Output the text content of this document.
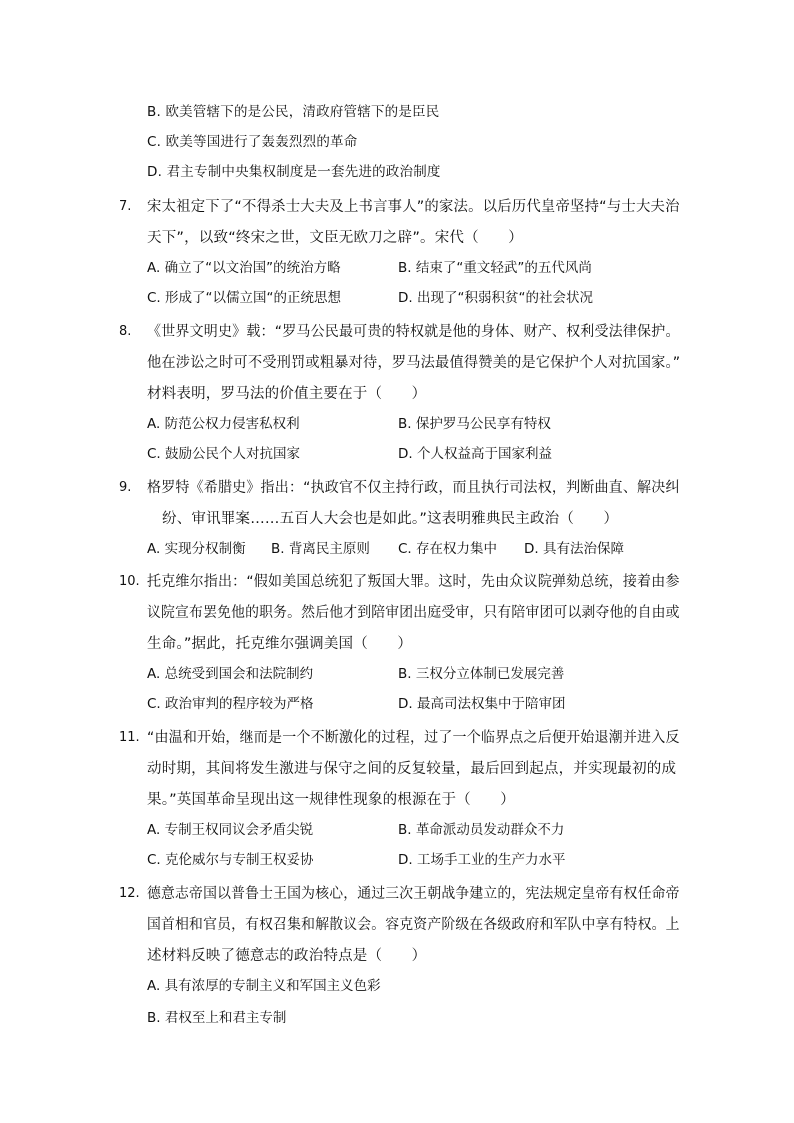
B. 欧美管辖下的是公民，清政府管辖下的是臣民
C. 欧美等国进行了轰轰烈烈的革命
D. 君主专制中央集权制度是一套先进的政治制度
7. 宋太祖定下了“不得杀士大夫及上书言事人”的家法。以后历代皇帝坚持“与士大夫治
天下”，以致“终宋之世，文臣无欧刀之辟”。宋代（　　）
A. 确立了“以文治国”的统治方略	B. 结束了“重文轻武”的五代风尚
C. 形成了“以儒立国“的正统思想	D. 出现了“积弱积贫“的社会状况
8. 《世界文明史》载：“罗马公民最可贵的特权就是他的身体、财产、权利受法律保护。
他在涉讼之时可不受刑罚或粗暴对待，罗马法最值得赞美的是它保护个人对抗国家。”
材料表明，罗马法的价值主要在于（　　）
A. 防范公权力侵害私权利	B. 保护罗马公民享有特权
C. 鼓励公民个人对抗国家	D. 个人权益高于国家利益
9. 格罗特《希腊史》指出：“执政官不仅主持行政，而且执行司法权，判断曲直、解决纠
纷、审讯罪案……五百人大会也是如此。”这表明雅典民主政治（　　）
A. 实现分权制衡 B. 背离民主原则 C. 存在权力集中 D. 具有法治保障
10. 托克维尔指出：“假如美国总统犯了叛国大罪。这时，先由众议院弹劾总统，接着由参
议院宣布罢免他的职务。然后他才到陪审团出庭受审，只有陪审团可以剥夺他的自由或
生命。”据此，托克维尔强调美国（　　）
A. 总统受到国会和法院制约	B. 三权分立体制已发展完善
C. 政治审判的程序较为严格	D. 最高司法权集中于陪审团
11. “由温和开始，继而是一个不断激化的过程，过了一个临界点之后便开始退潮并进入反
动时期，其间将发生激进与保守之间的反复较量，最后回到起点，并实现最初的成
果。”英国革命呈现出这一规律性现象的根源在于（　　）
A. 专制王权同议会矛盾尖锐	B. 革命派动员发动群众不力
C. 克伦威尔与专制王权妥协	D. 工场手工业的生产力水平
12. 德意志帝国以普鲁士王国为核心，通过三次王朝战争建立的，宪法规定皇帝有权任命帝
国首相和官员，有权召集和解散议会。容克资产阶级在各级政府和军队中享有特权。上
述材料反映了德意志的政治特点是（　　）
A. 具有浓厚的专制主义和军国主义色彩
B. 君权至上和君主专制
